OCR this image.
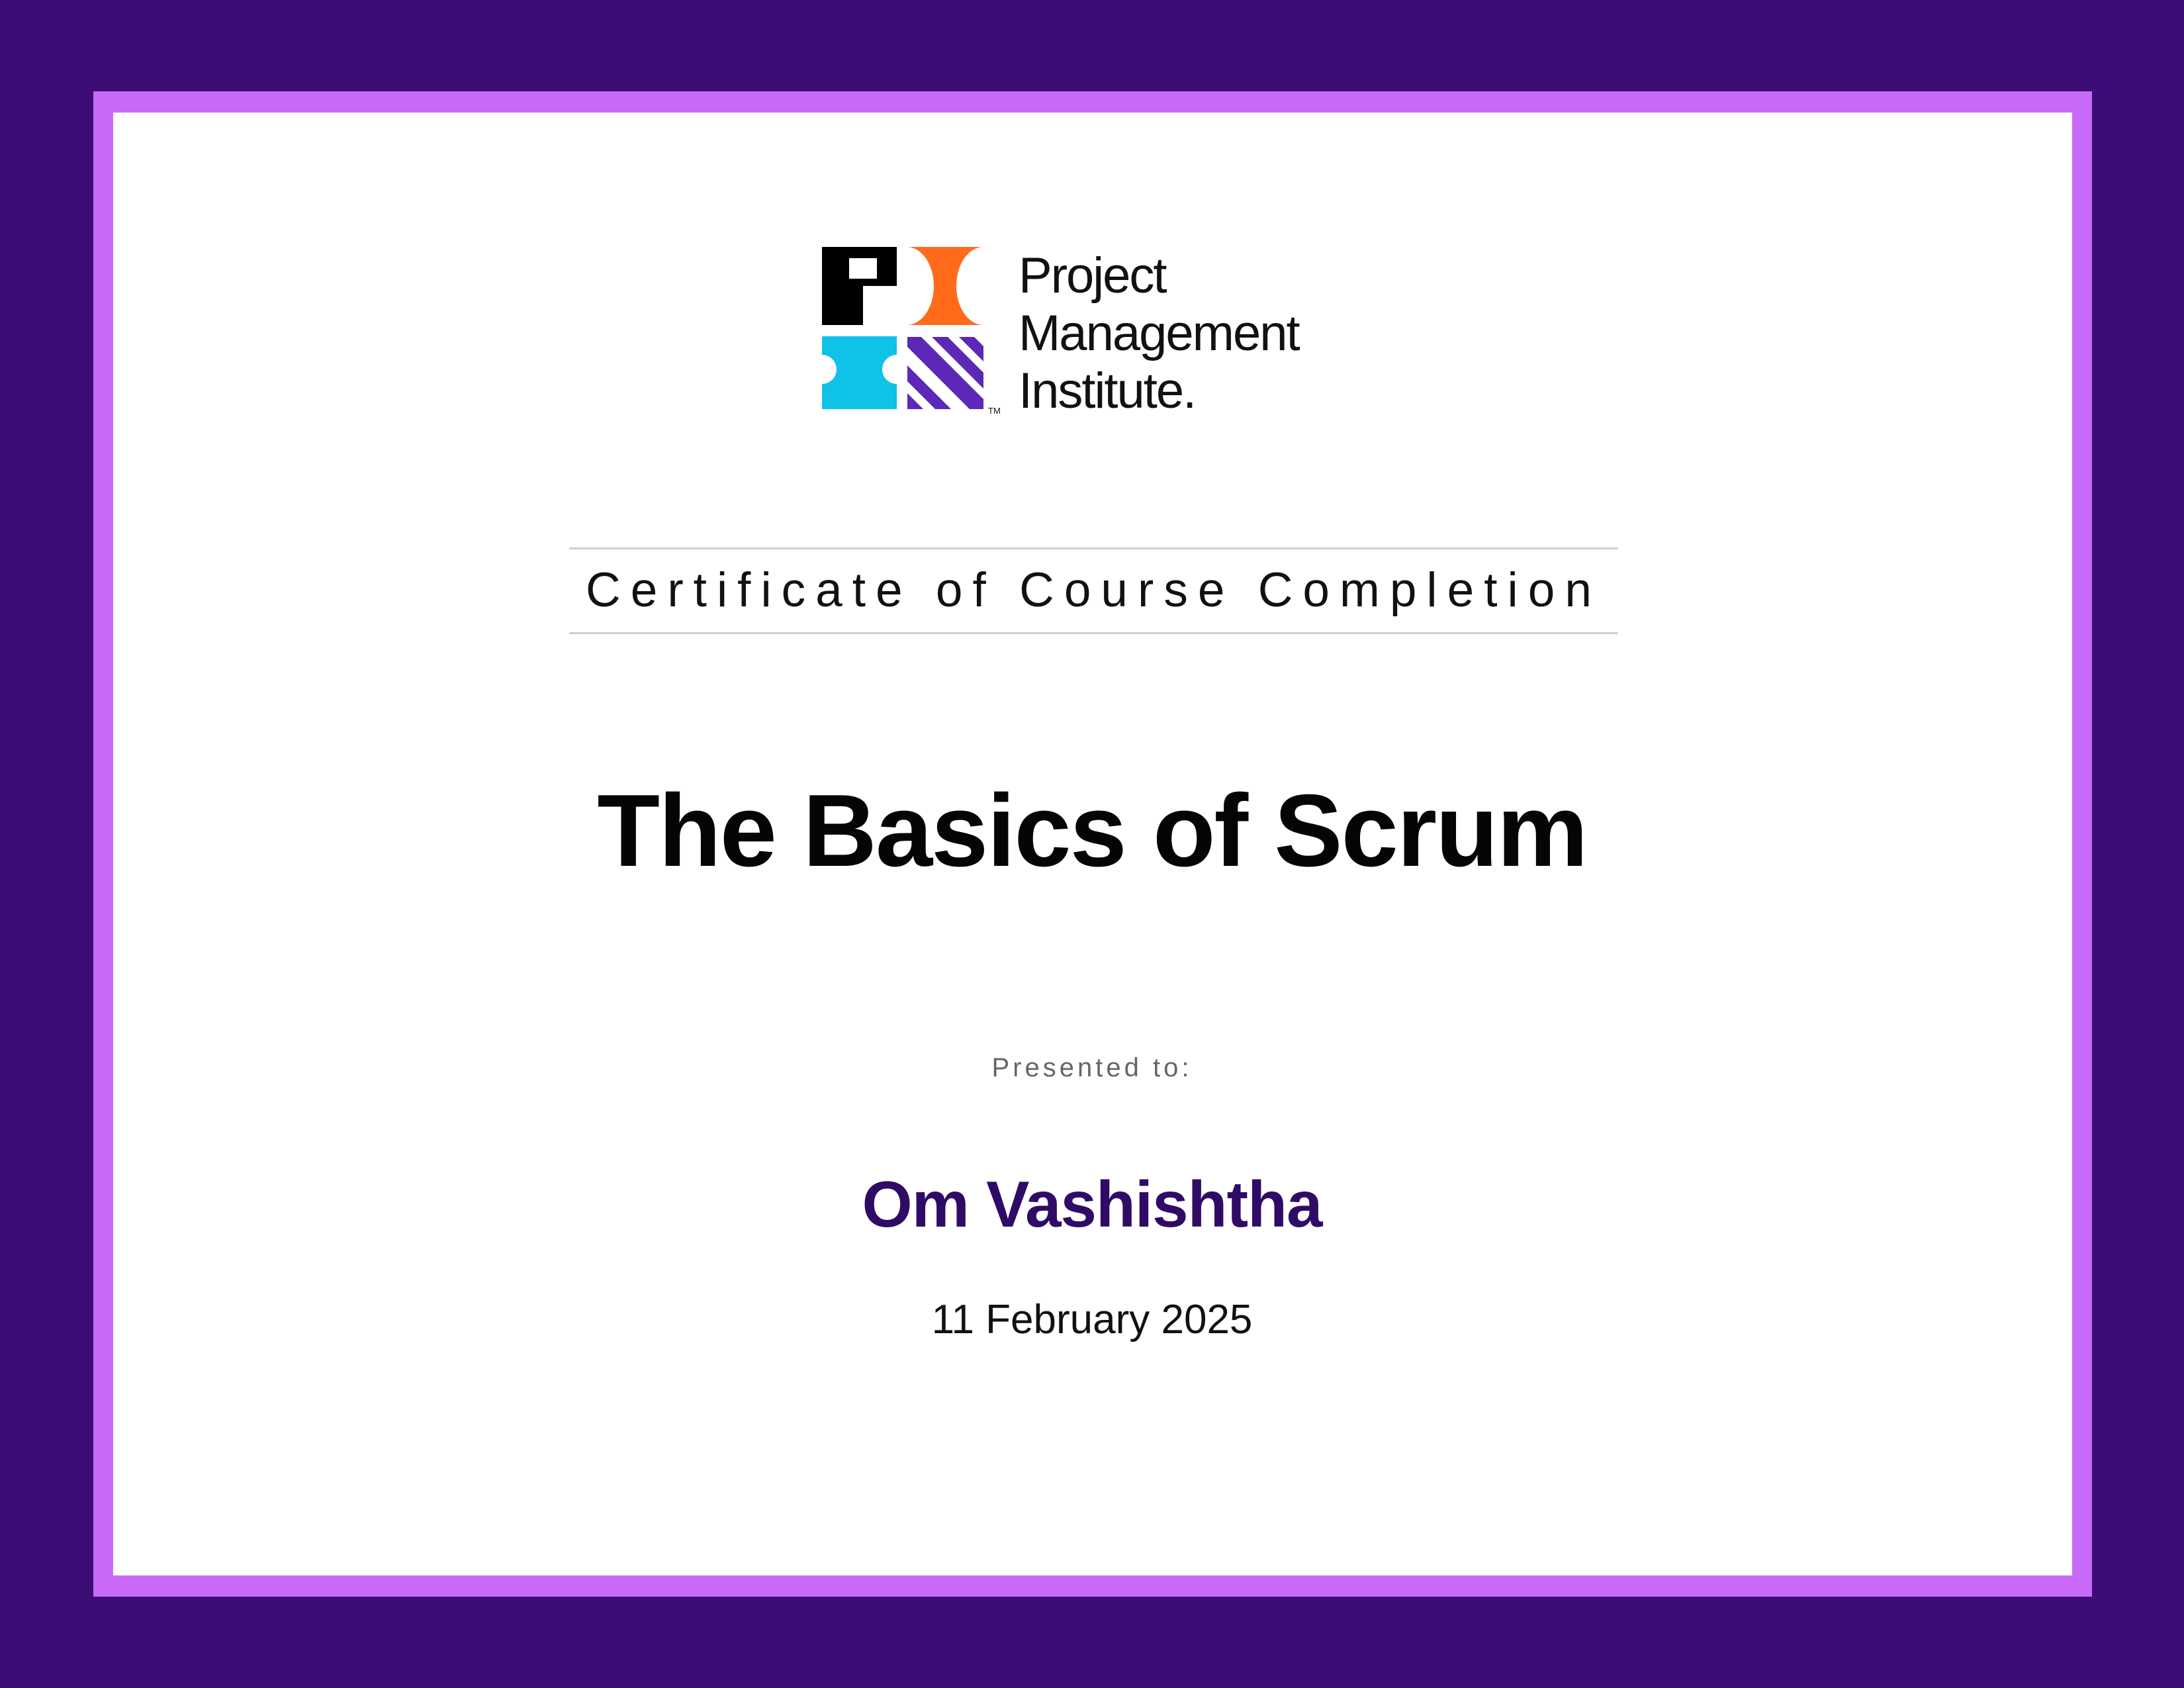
TM
Project
Management
Institute.
Certificate of Course Completion
The Basics of Scrum
Presented to:
Om Vashishtha
11 February 2025
